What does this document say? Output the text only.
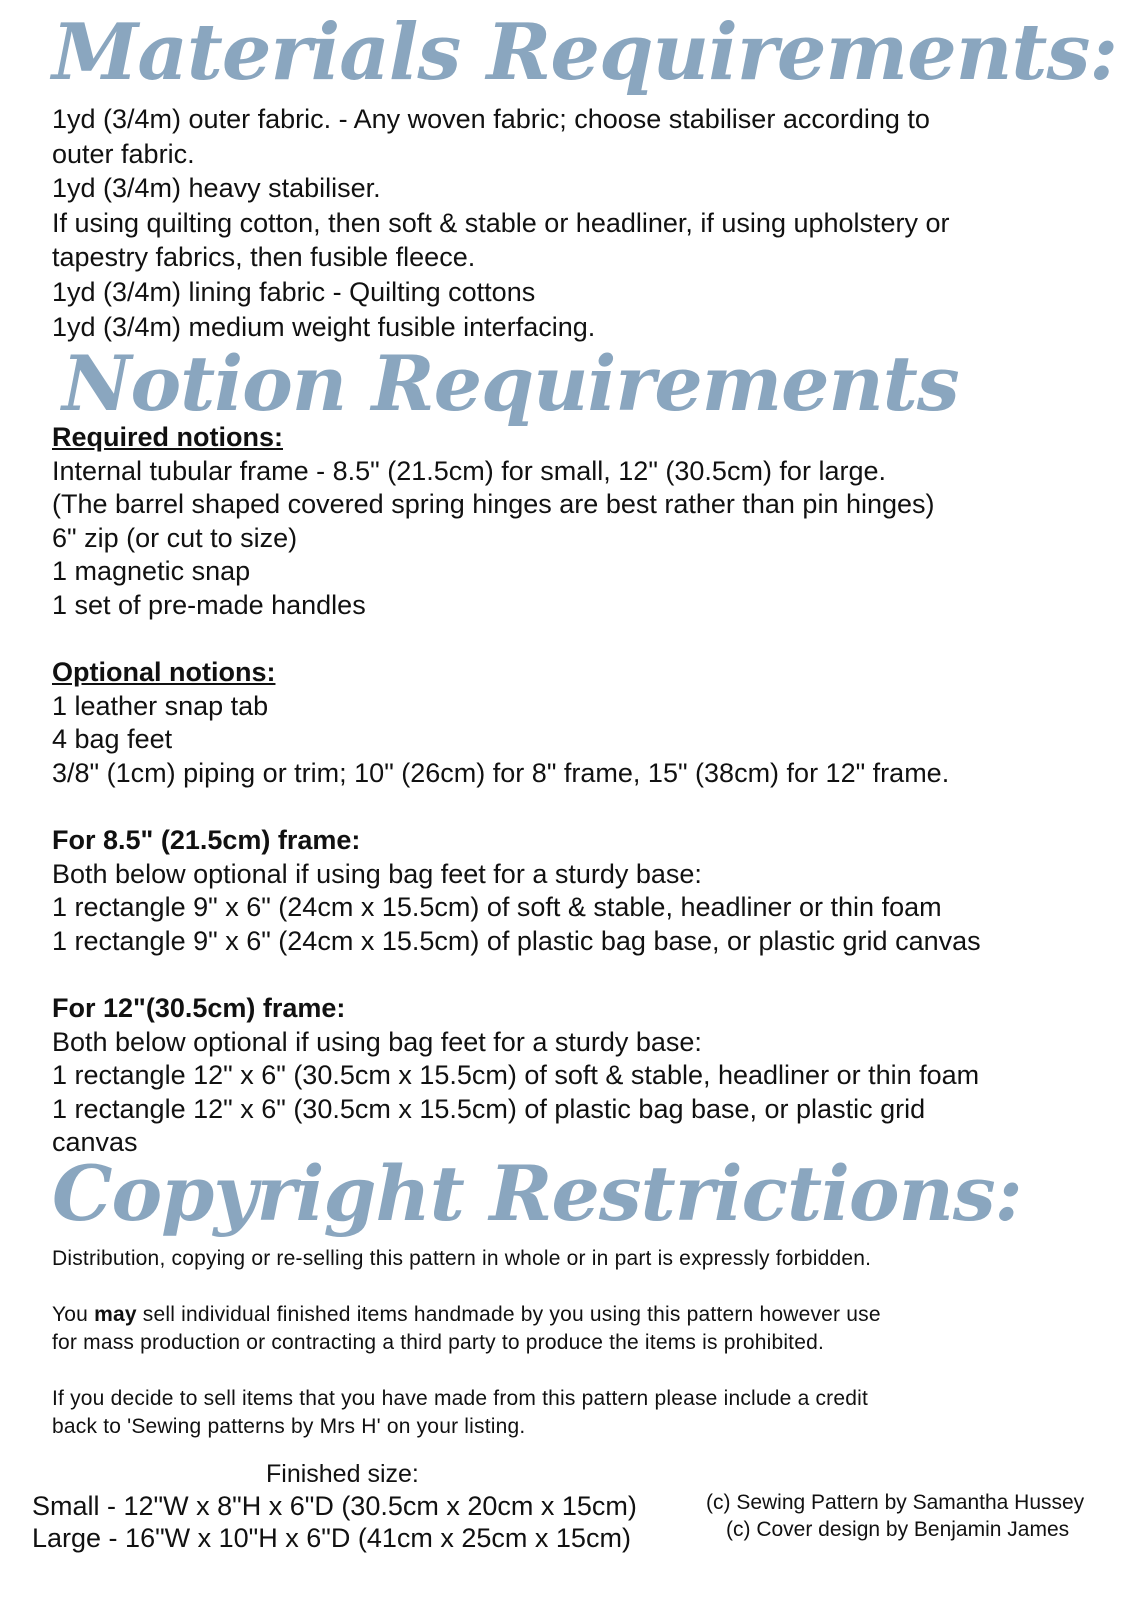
Materials Requirements:
1yd (3/4m) outer fabric. - Any woven fabric; choose stabiliser according to
outer fabric.
1yd (3/4m) heavy stabiliser.
If using quilting cotton, then soft & stable or headliner, if using upholstery or
tapestry fabrics, then fusible fleece.
1yd (3/4m) lining fabric - Quilting cottons
1yd (3/4m) medium weight fusible interfacing.
Notion Requirements
Required notions:
Internal tubular frame - 8.5" (21.5cm) for small, 12" (30.5cm) for large.
(The barrel shaped covered spring hinges are best rather than pin hinges)
6" zip (or cut to size)
1 magnetic snap
1 set of pre-made handles
Optional notions:
1 leather snap tab
4 bag feet
3/8" (1cm) piping or trim; 10" (26cm) for 8" frame, 15" (38cm) for 12" frame.
For 8.5" (21.5cm) frame:
Both below optional if using bag feet for a sturdy base:
1 rectangle 9" x 6" (24cm x 15.5cm) of soft & stable, headliner or thin foam
1 rectangle 9" x 6" (24cm x 15.5cm) of plastic bag base, or plastic grid canvas
For 12"(30.5cm) frame:
Both below optional if using bag feet for a sturdy base:
1 rectangle 12" x 6" (30.5cm x 15.5cm) of soft & stable, headliner or thin foam
1 rectangle 12" x 6" (30.5cm x 15.5cm) of plastic bag base, or plastic grid
canvas
Copyright Restrictions:
Distribution, copying or re-selling this pattern in whole or in part is expressly forbidden.
You may sell individual finished items handmade by you using this pattern however use
for mass production or contracting a third party to produce the items is prohibited.
If you decide to sell items that you have made from this pattern please include a credit
back to 'Sewing patterns by Mrs H' on your listing.
Finished size:
Small - 12"W x 8"H x 6"D (30.5cm x 20cm x 15cm)
Large - 16"W x 10"H x 6"D (41cm x 25cm x 15cm)
(c) Sewing Pattern by Samantha Hussey
(c) Cover design by Benjamin James
